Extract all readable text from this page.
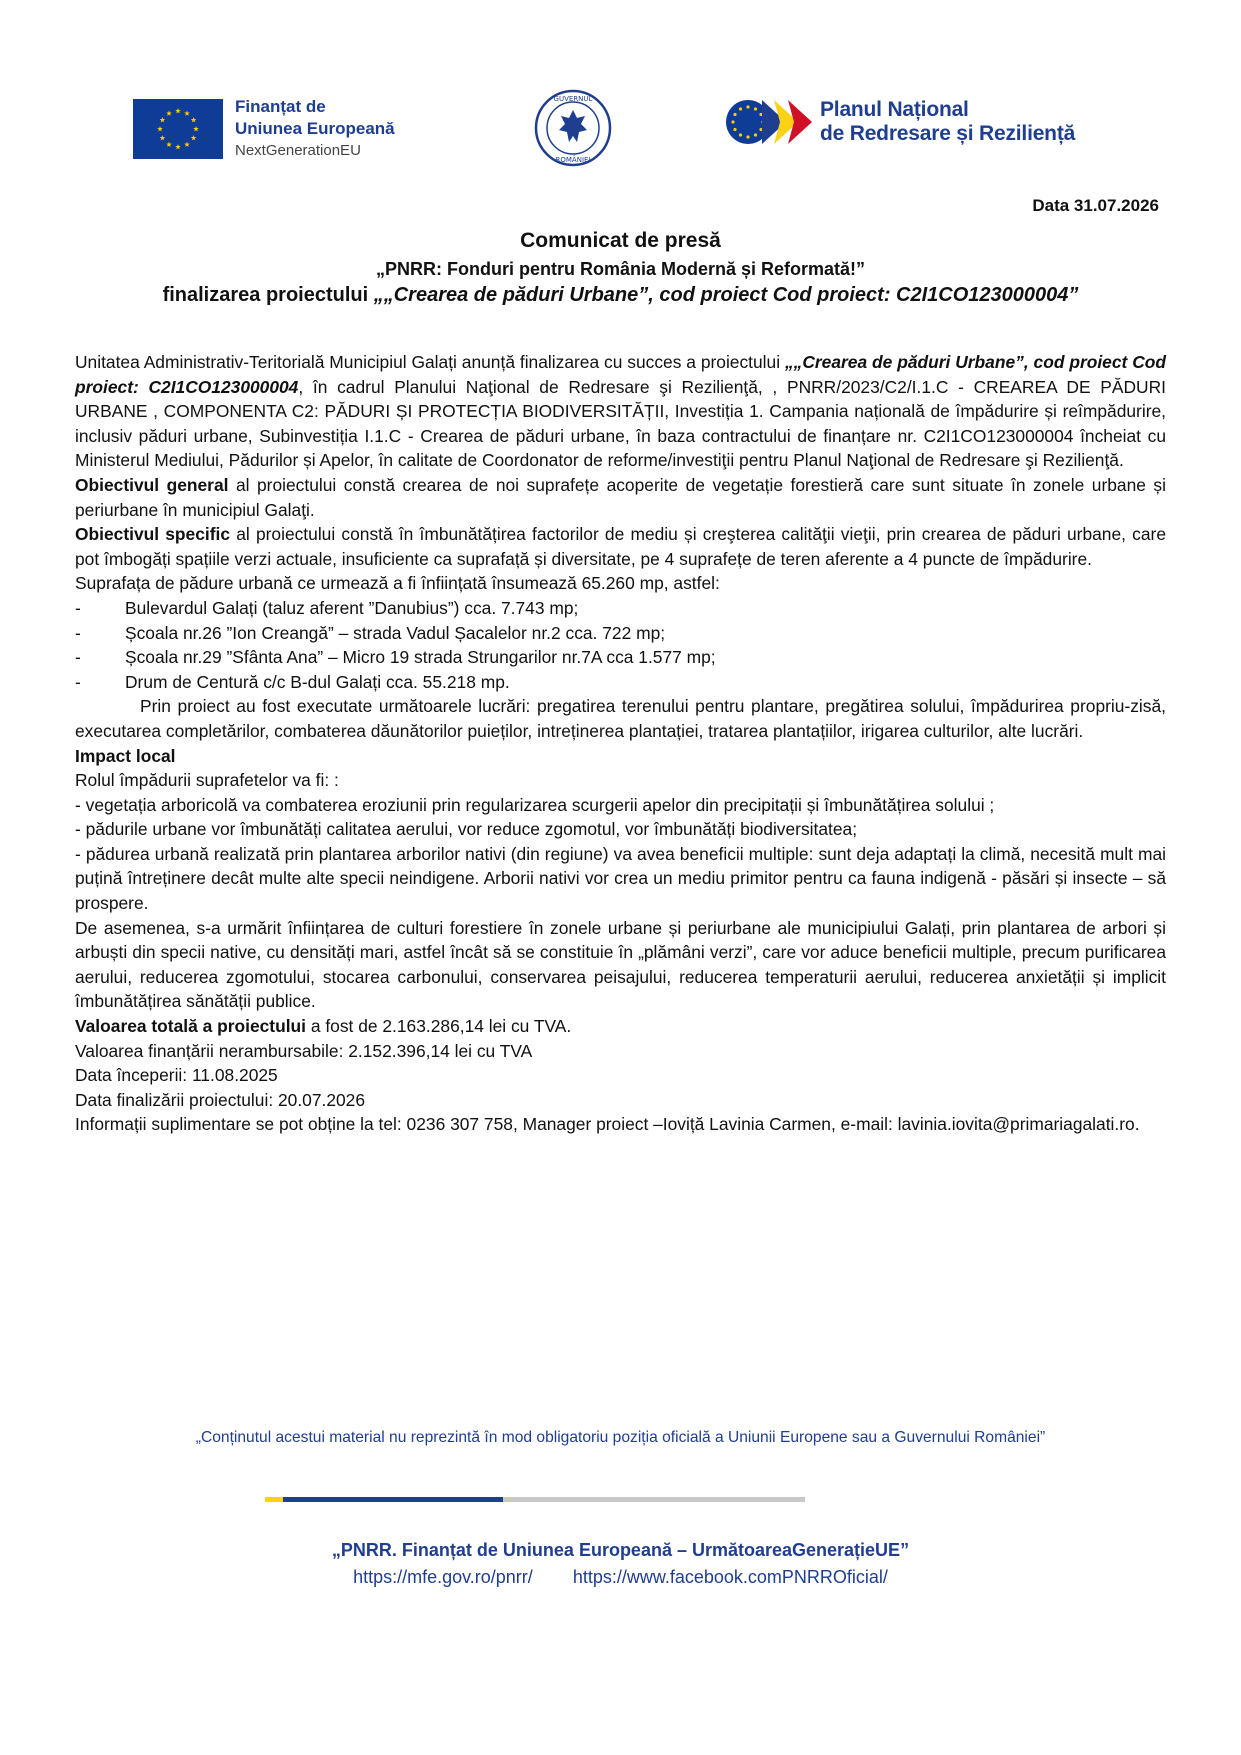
Finanțat de
Uniunea Europeană
NextGenerationEU
GUVERNUL
ROMÂNIEI
Planul Național
de Redresare și Reziliență
Data 31.07.2026
Comunicat de presă
„PNRR: Fonduri pentru România Modernă și Reformată!”
finalizarea proiectului „„Crearea de păduri Urbane”, cod proiect Cod proiect: C2I1CO123000004”

Unitatea Administrativ-Teritorială Municipiul Galați anunță finalizarea cu succes a proiectului „„Crearea de păduri Urbane”, cod proiect Cod proiect: C2I1CO123000004, în cadrul Planului Naţional de Redresare şi Rezilienţă, , PNRR/2023/C2/I.1.C - CREAREA DE PĂDURI URBANE , COMPONENTA C2: PĂDURI ȘI PROTECȚIA BIODIVERSITĂȚII, Investiția 1. Campania națională de împădurire și reîmpădurire, inclusiv păduri urbane, Subinvestiția I.1.C - Crearea de păduri urbane, în baza contractului de finanțare nr. C2I1CO123000004 încheiat cu Ministerul Mediului, Pădurilor și Apelor, în calitate de Coordonator de reforme/investiţii pentru Planul Naţional de Redresare şi Rezilienţă.

Obiectivul general al proiectului constă crearea de noi suprafețe acoperite de vegetație forestieră care sunt situate în zonele urbane și periurbane în municipiul Galaţi.

Obiectivul specific al proiectului constă în îmbunătățirea factorilor de mediu și creşterea calităţii vieţii, prin crearea de păduri urbane, care pot îmbogăți spațiile verzi actuale, insuficiente ca suprafață și diversitate, pe 4 suprafețe de teren aferente a 4 puncte de împădurire.

Suprafața de pădure urbană ce urmează a fi înființată însumează 65.260 mp, astfel:

- Bulevardul Galați (taluz aferent ”Danubius”) cca. 7.743 mp;
- Școala nr.26 ”Ion Creangă” – strada Vadul Șacalelor nr.2 cca. 722 mp;
- Școala nr.29 ”Sfânta Ana” – Micro 19 strada Strungarilor nr.7A cca 1.577 mp;
- Drum de Centură c/c B-dul Galați cca. 55.218 mp.

Prin proiect au fost executate următoarele lucrări: pregatirea terenului pentru plantare, pregătirea solului, împădurirea propriu-zisă, executarea completărilor, combaterea dăunătorilor puieților, intreținerea plantației, tratarea plantațiilor, irigarea culturilor, alte lucrări.

Impact local

Rolul împădurii suprafetelor va fi: :

- vegetația arboricolă va combaterea eroziunii prin regularizarea scurgerii apelor din precipitații și îmbunătățirea solului ;

- pădurile urbane vor îmbunătăți calitatea aerului, vor reduce zgomotul, vor îmbunătăți biodiversitatea;

- pădurea urbană realizată prin plantarea arborilor nativi (din regiune) va avea beneficii multiple: sunt deja adaptați la climă, necesită mult mai puțină întreținere decât multe alte specii neindigene. Arborii nativi vor crea un mediu primitor pentru ca fauna indigenă - păsări și insecte – să prospere.

De asemenea, s-a urmărit înființarea de culturi forestiere în zonele urbane și periurbane ale municipiului Galați, prin plantarea de arbori și arbuști din specii native, cu densități mari, astfel încât să se constituie în „plămâni verzi”, care vor aduce beneficii multiple, precum purificarea aerului, reducerea zgomotului, stocarea carbonului, conservarea peisajului, reducerea temperaturii aerului, reducerea anxietății și implicit îmbunătățirea sănătății publice.

Valoarea totală a proiectului a fost de 2.163.286,14 lei cu TVA.

Valoarea finanțării nerambursabile: 2.152.396,14 lei cu TVA

Data începerii: 11.08.2025

Data finalizării proiectului: 20.07.2026

Informații suplimentare se pot obține la tel: 0236 307 758, Manager proiect –Ioviță Lavinia Carmen, e-mail: lavinia.iovita@primariagalati.ro.

„Conținutul acestui material nu reprezintă în mod obligatoriu poziția oficială a Uniunii Europene sau a Guvernului României”
„PNRR. Finanțat de Uniunea Europeană – UrmătoareaGenerațieUE”
https://mfe.gov.ro/pnrr/ https://www.facebook.comPNRROficial/
